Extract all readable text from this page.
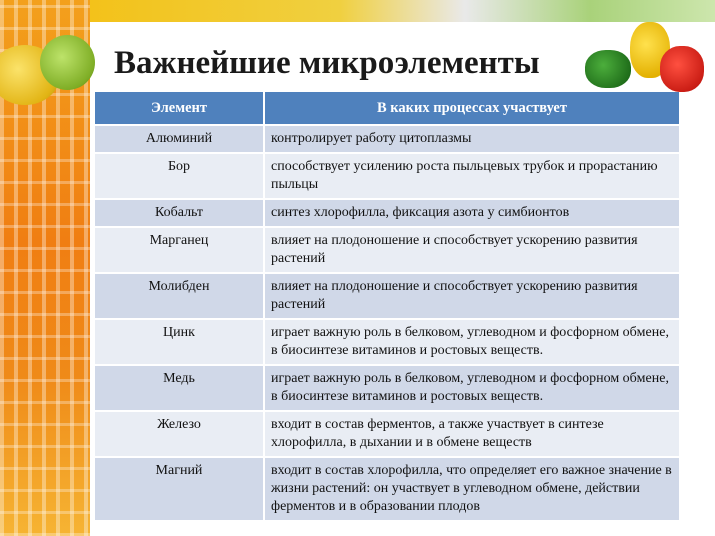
Важнейшие микроэлементы
Элемент	В каких процессах участвует
Алюминий	контролирует работу цитоплазмы
Бор	способствует усилению роста пыльцевых трубок и прорастанию пыльцы
Кобальт	синтез хлорофилла, фиксация азота у симбионтов
Марганец	влияет на плодоношение и способствует ускорению развития растений
Молибден	влияет на плодоношение и способствует ускорению развития растений
Цинк	играет важную роль в белковом, углеводном и фосфорном обмене, в биосинтезе витаминов и ростовых веществ.
Медь	играет важную роль в белковом, углеводном и фосфорном обмене, в биосинтезе витаминов и ростовых веществ.
Железо	входит в состав ферментов, а также участвует в синтезе хлорофилла, в дыхании и в обмене веществ
Магний	входит в состав хлорофилла, что определяет его важное значение в жизни растений: он участвует в углеводном обмене, действии ферментов и в образовании плодов
